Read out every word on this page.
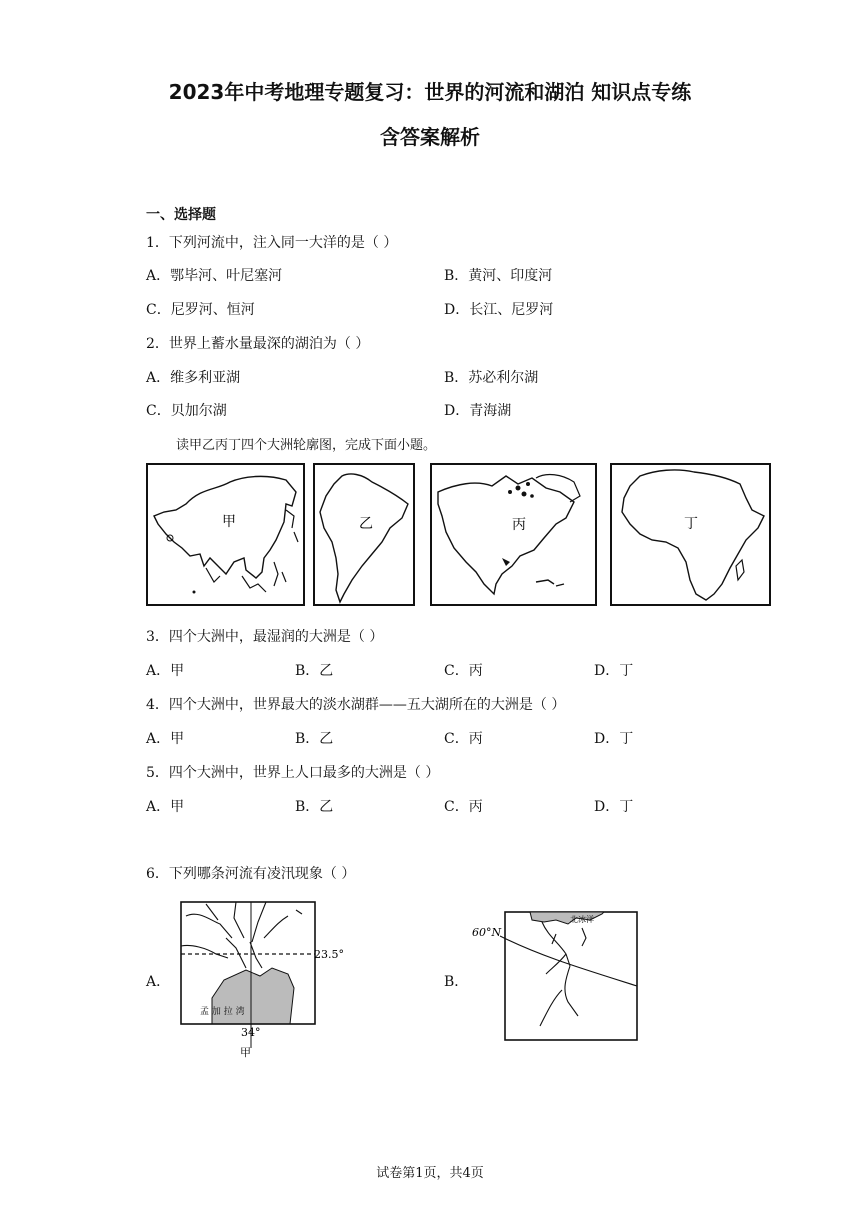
2023年中考地理专题复习：世界的河流和湖泊 知识点专练
含答案解析
一、选择题
1．下列河流中，注入同一大洋的是（ ）
A．鄂毕河、叶尼塞河	B．黄河、印度河
C．尼罗河、恒河	D．长江、尼罗河
2．世界上蓄水量最深的湖泊为（ ）
A．维多利亚湖	B．苏必利尔湖
C．贝加尔湖	D．青海湖
读甲乙丙丁四个大洲轮廓图，完成下面小题。
甲	乙	丙	丁
3．四个大洲中，最湿润的大洲是（ ）
A．甲	B．乙	C．丙	D．丁
4．四个大洲中，世界最大的淡水湖群——五大湖所在的大洲是（ ）
A．甲	B．乙	C．丙	D．丁
5．四个大洲中，世界上人口最多的大洲是（ ）
A．甲	B．乙	C．丙	D．丁
6．下列哪条河流有凌汛现象（ ）
A．	B．
23.5°
孟 加 拉 湾
34°
甲
60°N
北冰洋
试卷第1页，共4页
